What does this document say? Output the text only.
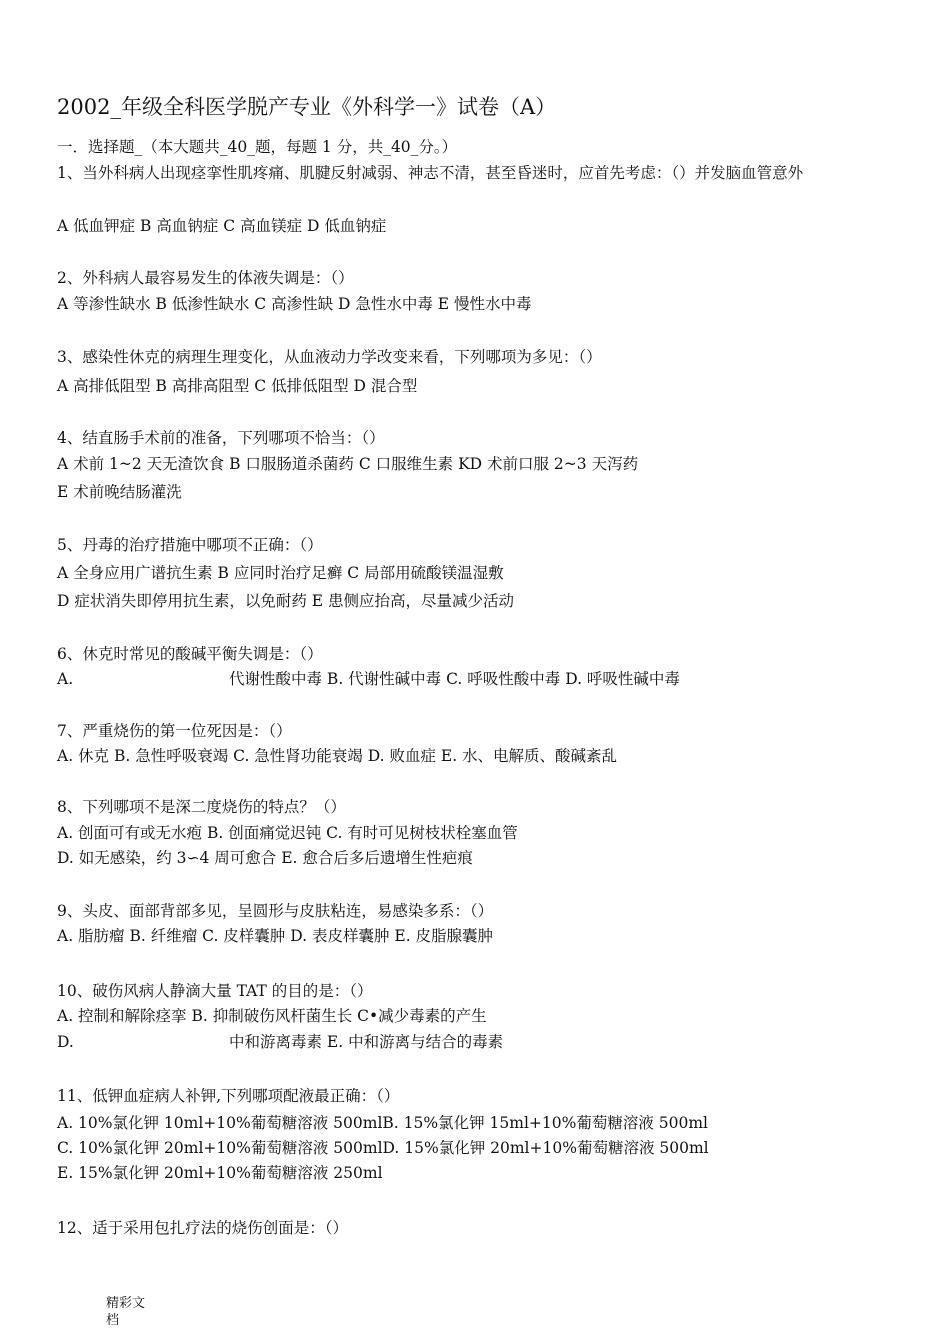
2002_年级全科医学脱产专业《外科学一》试卷（A）
一．选择题_（本大题共_40_题，每题 1 分，共_40_分。）
1、当外科病人出现痉挛性肌疼痛、肌腱反射减弱、神志不清，甚至昏迷时，应首先考虑：（）并发脑血管意外
A 低血钾症 B 高血钠症 C 高血镁症 D 低血钠症
2、外科病人最容易发生的体液失调是：（）
A 等渗性缺水 B 低渗性缺水 C 高渗性缺 D 急性水中毒 E 慢性水中毒
3、感染性休克的病理生理变化，从血液动力学改变来看，下列哪项为多见：（）
A 高排低阻型 B 高排高阻型 C 低排低阻型 D 混合型
4、结直肠手术前的准备，下列哪项不恰当：（）
A 术前 1~2 天无渣饮食 B 口服肠道杀菌药 C 口服维生素 KD 术前口服 2~3 天泻药
E 术前晚结肠灌洗
5、丹毒的治疗措施中哪项不正确：（）
A 全身应用广谱抗生素 B 应同时治疗足癣 C 局部用硫酸镁温湿敷
D 症状消失即停用抗生素，以免耐药 E 患侧应抬高，尽量减少活动
6、休克时常见的酸碱平衡失调是：（）
A.	代谢性酸中毒 B. 代谢性碱中毒 C. 呼吸性酸中毒 D. 呼吸性碱中毒
7、严重烧伤的第一位死因是：（）
A. 休克 B. 急性呼吸衰竭 C. 急性肾功能衰竭 D. 败血症 E. 水、电解质、酸碱紊乱
8、下列哪项不是深二度烧伤的特点？（）
A. 创面可有或无水疱 B. 创面痛觉迟钝 C. 有时可见树枝状栓塞血管
D. 如无感染，约 3∽4 周可愈合 E. 愈合后多后遗增生性疤痕
9、头皮、面部背部多见，呈圆形与皮肤粘连，易感染多系：（）
A. 脂肪瘤 B. 纤维瘤 C. 皮样囊肿 D. 表皮样囊肿 E. 皮脂腺囊肿
10、破伤风病人静滴大量 TAT 的目的是：（）
A. 控制和解除痉挛 B. 抑制破伤风杆菌生长 C•减少毒素的产生
D.	中和游离毒素 E. 中和游离与结合的毒素
11、低钾血症病人补钾,下列哪项配液最正确：（）
A. 10%氯化钾 10ml+10%葡萄糖溶液 500mlB. 15%氯化钾 15ml+10%葡萄糖溶液 500ml
C. 10%氯化钾 20ml+10%葡萄糖溶液 500mlD. 15%氯化钾 20ml+10%葡萄糖溶液 500ml
E. 15%氯化钾 20ml+10%葡萄糖溶液 250ml
12、适于采用包扎疗法的烧伤创面是：（）
精彩文档
